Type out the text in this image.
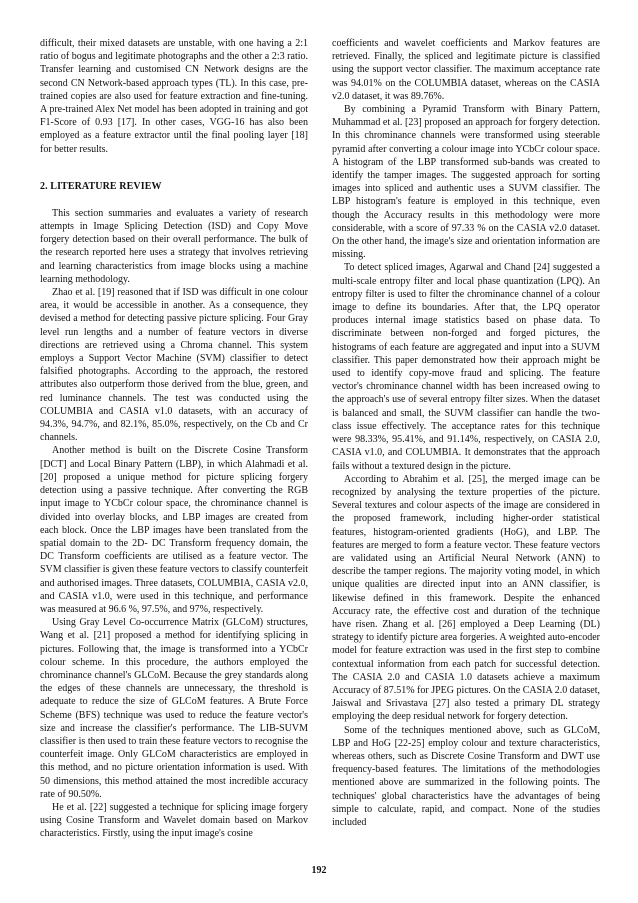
difficult, their mixed datasets are unstable, with one having a 2:1 ratio of bogus and legitimate photographs and the other a 2:3 ratio. Transfer learning and customised CN Network designs are the second CN Network-based approach types (TL). In this case, pre-trained copies are also used for feature extraction and fine-tuning. A pre-trained Alex Net model has been adopted in training and got F1-Score of 0.93 [17]. In other cases, VGG-16 has also been employed as a feature extractor until the final pooling layer [18] for better results.

2. LITERATURE REVIEW

This section summaries and evaluates a variety of research attempts in Image Splicing Detection (ISD) and Copy Move forgery detection based on their overall performance. The bulk of the research reported here uses a strategy that involves retrieving and learning characteristics from image blocks using a machine learning methodology.

Zhao et al. [19] reasoned that if ISD was difficult in one colour area, it would be accessible in another. As a consequence, they devised a method for detecting passive picture splicing. Four Gray level run lengths and a number of feature vectors in diverse directions are retrieved using a Chroma channel. This system employs a Support Vector Machine (SVM) classifier to detect falsified photographs. According to the approach, the restored attributes also outperform those derived from the blue, green, and red luminance channels. The test was conducted using the COLUMBIA and CASIA v1.0 datasets, with an accuracy of 94.3%, 94.7%, and 82.1%, 85.0%, respectively, on the Cb and Cr channels.

Another method is built on the Discrete Cosine Transform [DCT] and Local Binary Pattern (LBP), in which Alahmadi et al. [20] proposed a unique method for picture splicing forgery detection using a passive technique. After converting the RGB input image to YCbCr colour space, the chrominance channel is divided into overlay blocks, and LBP images are created from each block. Once the LBP images have been translated from the spatial domain to the 2D- DC Transform frequency domain, the DC Transform coefficients are utilised as a feature vector. The SVM classifier is given these feature vectors to classify counterfeit and authorised images. Three datasets, COLUMBIA, CASIA v2.0, and CASIA v1.0, were used in this technique, and performance was measured at 96.6 %, 97.5%, and 97%, respectively.

Using Gray Level Co-occurrence Matrix (GLCoM) structures, Wang et al. [21] proposed a method for identifying splicing in pictures. Following that, the image is transformed into a YCbCr colour scheme. In this procedure, the authors employed the chrominance channel's GLCoM. Because the grey standards along the edges of these channels are unnecessary, the threshold is adequate to reduce the size of GLCoM features. A Brute Force Scheme (BFS) technique was used to reduce the feature vector's size and increase the classifier's performance. The LIB-SUVM classifier is then used to train these feature vectors to recognise the counterfeit image. Only GLCoM characteristics are employed in this method, and no picture orientation information is used. With 50 dimensions, this method attained the most incredible accuracy rate of 90.50%.

He et al. [22] suggested a technique for splicing image forgery using Cosine Transform and Wavelet domain based on Markov characteristics. Firstly, using the input image's cosine

coefficients and wavelet coefficients and Markov features are retrieved. Finally, the spliced and legitimate picture is classified using the support vector classifier. The maximum acceptance rate was 94.01% on the COLUMBIA dataset, whereas on the CASIA v2.0 dataset, it was 89.76%.

By combining a Pyramid Transform with Binary Pattern, Muhammad et al. [23] proposed an approach for forgery detection. In this chrominance channels were transformed using steerable pyramid after converting a colour image into YCbCr colour space. A histogram of the LBP transformed sub-bands was created to identify the tamper images. The suggested approach for sorting images into spliced and authentic uses a SUVM classifier. The LBP histogram's feature is employed in this technique, even though the Accuracy results in this methodology were more considerable, with a score of 97.33 % on the CASIA v2.0 dataset. On the other hand, the image's size and orientation information are missing.

To detect spliced images, Agarwal and Chand [24] suggested a multi-scale entropy filter and local phase quantization (LPQ). An entropy filter is used to filter the chrominance channel of a colour image to define its boundaries. After that, the LPQ operator produces internal image statistics based on phase data. To discriminate between non-forged and forged pictures, the histograms of each feature are aggregated and input into a SUVM classifier. This paper demonstrated how their approach might be used to identify copy-move fraud and splicing. The feature vector's chrominance channel width has been increased owing to the approach's use of several entropy filter sizes. When the dataset is balanced and small, the SUVM classifier can handle the two-class issue effectively. The acceptance rates for this technique were 98.33%, 95.41%, and 91.14%, respectively, on CASIA 2.0, CASIA v1.0, and COLUMBIA. It demonstrates that the approach fails without a textured design in the picture.

According to Abrahim et al. [25], the merged image can be recognized by analysing the texture properties of the picture. Several textures and colour aspects of the image are considered in the proposed framework, including higher-order statistical features, histogram-oriented gradients (HoG), and LBP. The features are merged to form a feature vector. These feature vectors are validated using an Artificial Neural Network (ANN) to describe the tamper regions. The majority voting model, in which unique qualities are directed input into an ANN classifier, is likewise defined in this framework. Despite the enhanced Accuracy rate, the effective cost and duration of the technique have risen. Zhang et al. [26] employed a Deep Learning (DL) strategy to identify picture area forgeries. A weighted auto-encoder model for feature extraction was used in the first step to combine contextual information from each patch for successful detection. The CASIA 2.0 and CASIA 1.0 datasets achieve a maximum Accuracy of 87.51% for JPEG pictures. On the CASIA 2.0 dataset, Jaiswal and Srivastava [27] also tested a primary DL strategy employing the deep residual network for forgery detection.

Some of the techniques mentioned above, such as GLCoM, LBP and HoG [22-25] employ colour and texture characteristics, whereas others, such as Discrete Cosine Transform and DWT use frequency-based features. The limitations of the methodologies mentioned above are summarized in the following points. The techniques' global characteristics have the advantages of being simple to calculate, rapid, and compact. None of the studies included

192
